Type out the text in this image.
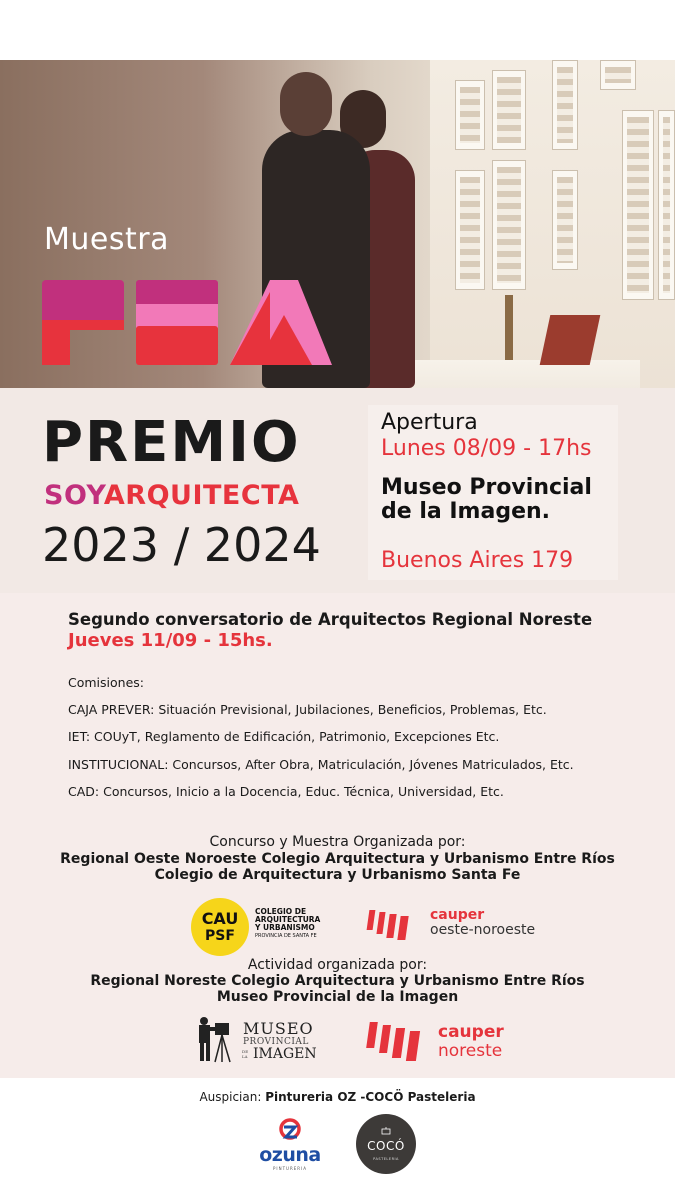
Muestra
PREMIO
SOYARQUITECTA
2023 / 2024
Apertura
Lunes 08/09 - 17hs
Museo Provincial de la Imagen.
Buenos Aires 179
Segundo conversatorio de Arquitectos Regional Noreste
Jueves 11/09 - 15hs.
Comisiones:
CAJA PREVER: Situación Previsional, Jubilaciones, Beneficios, Problemas, Etc.
IET: COUyT, Reglamento de Edificación, Patrimonio, Excepciones Etc.
INSTITUCIONAL: Concursos, After Obra, Matriculación, Jóvenes Matriculados, Etc.
CAD: Concursos, Inicio a la Docencia, Educ. Técnica, Universidad, Etc.
Concurso y Muestra Organizada por:
Regional Oeste Noroeste Colegio Arquitectura y Urbanismo Entre Ríos
Colegio de Arquitectura y Urbanismo Santa Fe
CAU
PSF
COLEGIO DE
ARQUITECTURA
Y URBANISMO
PROVINCIA DE SANTA FE
cauper
oeste-noroeste
Actividad organizada por:
Regional Noreste Colegio Arquitectura y Urbanismo Entre Ríos
Museo Provincial de la Imagen
MUSEO
PROVINCIAL
DE LA IMAGEN
cauper
noreste
Auspician: Pintureria OZ -COCÖ Pasteleria
ozuna
PINTURERIA
COCÓ
PASTELERIA
